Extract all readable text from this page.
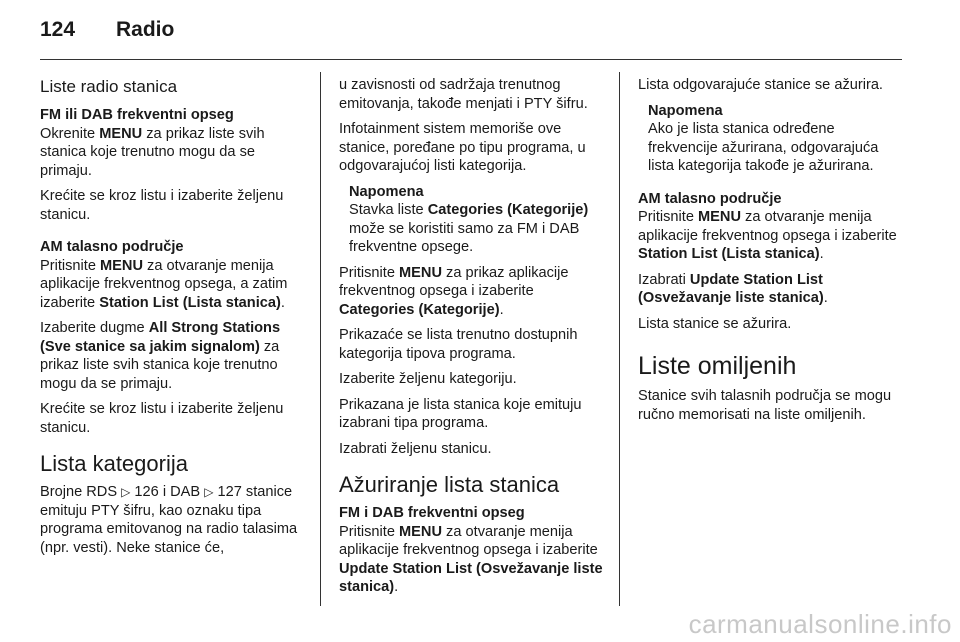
124 Radio
Liste radio stanica
FM ili DAB frekventni opseg

Okrenite MENU za prikaz liste svih stanica koje trenutno mogu da se primaju.

Krećite se kroz listu i izaberite željenu stanicu.

AM talasno područje

Pritisnite MENU za otvaranje menija aplikacije frekventnog opsega, a zatim izaberite Station List (Lista stanica).

Izaberite dugme All Strong Stations (Sve stanice sa jakim signalom) za prikaz liste svih stanica koje trenutno mogu da se primaju.

Krećite se kroz listu i izaberite željenu stanicu.

Lista kategorija

Brojne RDS ▷ 126 i DAB ▷ 127 stanice emituju PTY šifru, kao oznaku tipa programa emitovanog na radio talasima (npr. vesti). Neke stanice će,

u zavisnosti od sadržaja trenutnog emitovanja, takođe menjati i PTY šifru.

Infotainment sistem memoriše ove stanice, poređane po tipu programa, u odgovarajućoj listi kategorija.

Napomena
Stavka liste Categories (Kategorije) može se koristiti samo za FM i DAB frekventne opsege.

Pritisnite MENU za prikaz aplikacije frekventnog opsega i izaberite Categories (Kategorije).

Prikazaće se lista trenutno dostupnih kategorija tipova programa.

Izaberite željenu kategoriju.

Prikazana je lista stanica koje emituju izabrani tipa programa.

Izabrati željenu stanicu.

Ažuriranje lista stanica
FM i DAB frekventni opseg

Pritisnite MENU za otvaranje menija aplikacije frekventnog opsega i izaberite Update Station List (Osvežavanje liste stanica).

Lista odgovarajuće stanice se ažurira.

Napomena
Ako je lista stanica određene frekvencije ažurirana, odgovarajuća lista kategorija takođe je ažurirana.
AM talasno područje

Pritisnite MENU za otvaranje menija aplikacije frekventnog opsega i izaberite Station List (Lista stanica).

Izabrati Update Station List (Osvežavanje liste stanica).

Lista stanice se ažurira.

Liste omiljenih

Stanice svih talasnih područja se mogu ručno memorisati na liste omiljenih.

carmanualsonline.info
